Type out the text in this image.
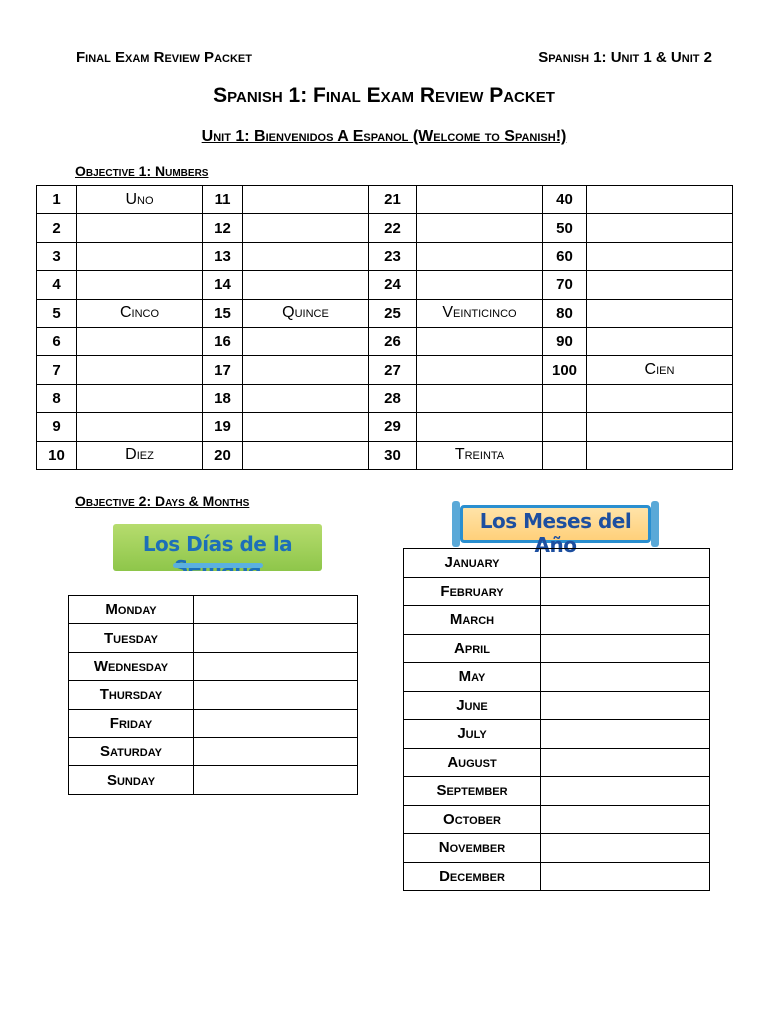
Final Exam Review Packet	Spanish 1: Unit 1 & Unit 2
Spanish 1: Final Exam Review Packet
Unit 1: Bienvenidos A Espanol (Welcome to Spanish!)
Objective 1: Numbers
1	Uno	11		21		40	
2		12		22		50	
3		13		23		60	
4		14		24		70	
5	Cinco	15	Quince	25	Veinticinco	80	
6		16		26		90	
7		17		27		100	Cien
8		18		28			
9		19		29			
10	Diez	20		30	Treinta		
Objective 2: Days & Months
Los Días de la
Los Meses del Año
Monday	
Tuesday	
Wednesday	
Thursday	
Friday	
Saturday	
Sunday	
January	
February	
March	
April	
May	
June	
July	
August	
September	
October	
November	
December	
